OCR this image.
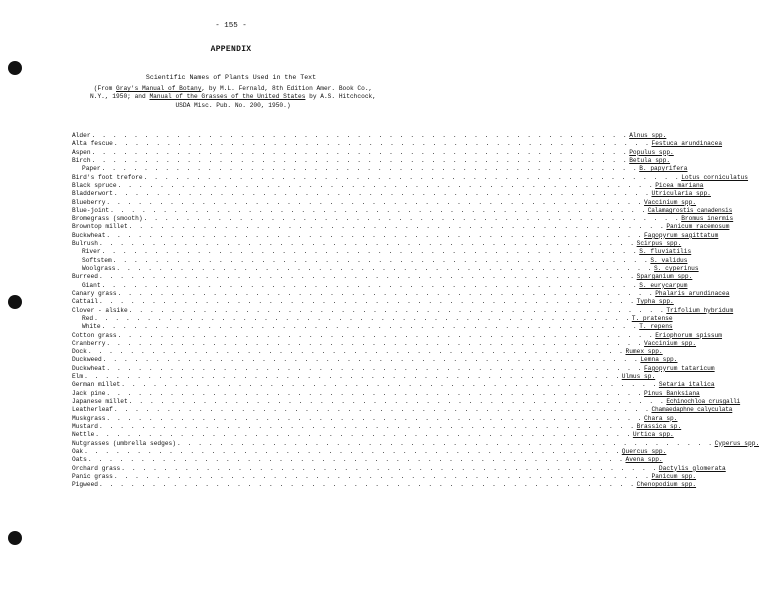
- 155 -
APPENDIX
Scientific Names of Plants Used in the Text
(From Gray's Manual of Botany, by M.L. Fernald, 8th Edition Amer. Book Co.,
N.Y., 1950; and Manual of the Grasses of the United States by A.S. Hitchcock,
USDA Misc. Pub. No. 200, 1950.)
Alder . . . . . . . . . . . . . . . . . . . . . . . . . . . . . . . . . . . . . . . . . . . . . . . . . . . Alnus spp.
Alta fescue . . . . . . . . . . . . . . . . . . . . . . . . . . . . . . . . . . . . . . . . . . . . . . . . . . . Festuca arundinacea
Aspen . . . . . . . . . . . . . . . . . . . . . . . . . . . . . . . . . . . . . . . . . . . . . . . . . . . Populus spp.
Birch . . . . . . . . . . . . . . . . . . . . . . . . . . . . . . . . . . . . . . . . . . . . . . . . . . . Betula spp.
Paper . . . . . . . . . . . . . . . . . . . . . . . . . . . . . . . . . . . . . . . . . . . . . . . . . . . B. papyrifera
Bird's foot trefore . . . . . . . . . . . . . . . . . . . . . . . . . . . . . . . . . . . . . . . . . . . . . . . . . . . Lotus corniculatus
Black spruce . . . . . . . . . . . . . . . . . . . . . . . . . . . . . . . . . . . . . . . . . . . . . . . . . . . Picea mariana
Bladderwort . . . . . . . . . . . . . . . . . . . . . . . . . . . . . . . . . . . . . . . . . . . . . . . . . . . Utricularia spp.
Blueberry . . . . . . . . . . . . . . . . . . . . . . . . . . . . . . . . . . . . . . . . . . . . . . . . . . . Vaccinium spp.
Blue-joint . . . . . . . . . . . . . . . . . . . . . . . . . . . . . . . . . . . . . . . . . . . . . . . . . . . Calamagrostis canadensis
Bromegrass (smooth) . . . . . . . . . . . . . . . . . . . . . . . . . . . . . . . . . . . . . . . . . . . . . . . . . . . Bromus inermis
Browntop millet . . . . . . . . . . . . . . . . . . . . . . . . . . . . . . . . . . . . . . . . . . . . . . . . . . . Panicum racemosum
Buckwheat . . . . . . . . . . . . . . . . . . . . . . . . . . . . . . . . . . . . . . . . . . . . . . . . . . . Fagopyrum sagittatum
Bulrush . . . . . . . . . . . . . . . . . . . . . . . . . . . . . . . . . . . . . . . . . . . . . . . . . . . Scirpus spp.
River . . . . . . . . . . . . . . . . . . . . . . . . . . . . . . . . . . . . . . . . . . . . . . . . . . . S. fluviatilis
Softstem . . . . . . . . . . . . . . . . . . . . . . . . . . . . . . . . . . . . . . . . . . . . . . . . . . . S. validus
Woolgrass . . . . . . . . . . . . . . . . . . . . . . . . . . . . . . . . . . . . . . . . . . . . . . . . . . . S. cyperinus
Burreed . . . . . . . . . . . . . . . . . . . . . . . . . . . . . . . . . . . . . . . . . . . . . . . . . . . Sparganium spp.
Giant . . . . . . . . . . . . . . . . . . . . . . . . . . . . . . . . . . . . . . . . . . . . . . . . . . . S. eurycarpum
Canary grass . . . . . . . . . . . . . . . . . . . . . . . . . . . . . . . . . . . . . . . . . . . . . . . . . . . Phalaris arundinacea
Cattail . . . . . . . . . . . . . . . . . . . . . . . . . . . . . . . . . . . . . . . . . . . . . . . . . . . Typha spp.
Clover - alsike . . . . . . . . . . . . . . . . . . . . . . . . . . . . . . . . . . . . . . . . . . . . . . . . . . . Trifolium hybridum
Red . . . . . . . . . . . . . . . . . . . . . . . . . . . . . . . . . . . . . . . . . . . . . . . . . . . T. pratense
White . . . . . . . . . . . . . . . . . . . . . . . . . . . . . . . . . . . . . . . . . . . . . . . . . . . T. repens
Cotton grass . . . . . . . . . . . . . . . . . . . . . . . . . . . . . . . . . . . . . . . . . . . . . . . . . . . Eriophorum spissum
Cranberry . . . . . . . . . . . . . . . . . . . . . . . . . . . . . . . . . . . . . . . . . . . . . . . . . . . Vaccinium spp.
Dock . . . . . . . . . . . . . . . . . . . . . . . . . . . . . . . . . . . . . . . . . . . . . . . . . . . Rumex spp.
Duckweed . . . . . . . . . . . . . . . . . . . . . . . . . . . . . . . . . . . . . . . . . . . . . . . . . . . Lemna spp.
Duckwheat . . . . . . . . . . . . . . . . . . . . . . . . . . . . . . . . . . . . . . . . . . . . . . . . . . . Fagopyrum tataricum
Elm . . . . . . . . . . . . . . . . . . . . . . . . . . . . . . . . . . . . . . . . . . . . . . . . . . . Ulmus sp.
German millet . . . . . . . . . . . . . . . . . . . . . . . . . . . . . . . . . . . . . . . . . . . . . . . . . . . Setaria italica
Jack pine . . . . . . . . . . . . . . . . . . . . . . . . . . . . . . . . . . . . . . . . . . . . . . . . . . . Pinus Banksiana
Japanese millet . . . . . . . . . . . . . . . . . . . . . . . . . . . . . . . . . . . . . . . . . . . . . . . . . . . Echinochloa crusgalli
Leatherleaf . . . . . . . . . . . . . . . . . . . . . . . . . . . . . . . . . . . . . . . . . . . . . . . . . . . Chamaedaphne calyculata
Muskgrass . . . . . . . . . . . . . . . . . . . . . . . . . . . . . . . . . . . . . . . . . . . . . . . . . . . Chara sp.
Mustard . . . . . . . . . . . . . . . . . . . . . . . . . . . . . . . . . . . . . . . . . . . . . . . . . . . Brassica sp.
Nettle . . . . . . . . . . . . . . . . . . . . . . . . . . . . . . . . . . . . . . . . . . . . . . . . . . . Urtica spp.
Nutgrasses (umbrella sedges) . . . . . . . . . . . . . . . . . . . . . . . . . . . . . . . . . . . . . . . . . . . . . . . . . . . Cyperus spp.
Oak . . . . . . . . . . . . . . . . . . . . . . . . . . . . . . . . . . . . . . . . . . . . . . . . . . . Quercus spp.
Oats . . . . . . . . . . . . . . . . . . . . . . . . . . . . . . . . . . . . . . . . . . . . . . . . . . . Avena spp.
Orchard grass . . . . . . . . . . . . . . . . . . . . . . . . . . . . . . . . . . . . . . . . . . . . . . . . . . . Dactylis glomerata
Panic grass . . . . . . . . . . . . . . . . . . . . . . . . . . . . . . . . . . . . . . . . . . . . . . . . . . . Panicum spp.
Pigweed . . . . . . . . . . . . . . . . . . . . . . . . . . . . . . . . . . . . . . . . . . . . . . . . . . . Chenopodium spp.
